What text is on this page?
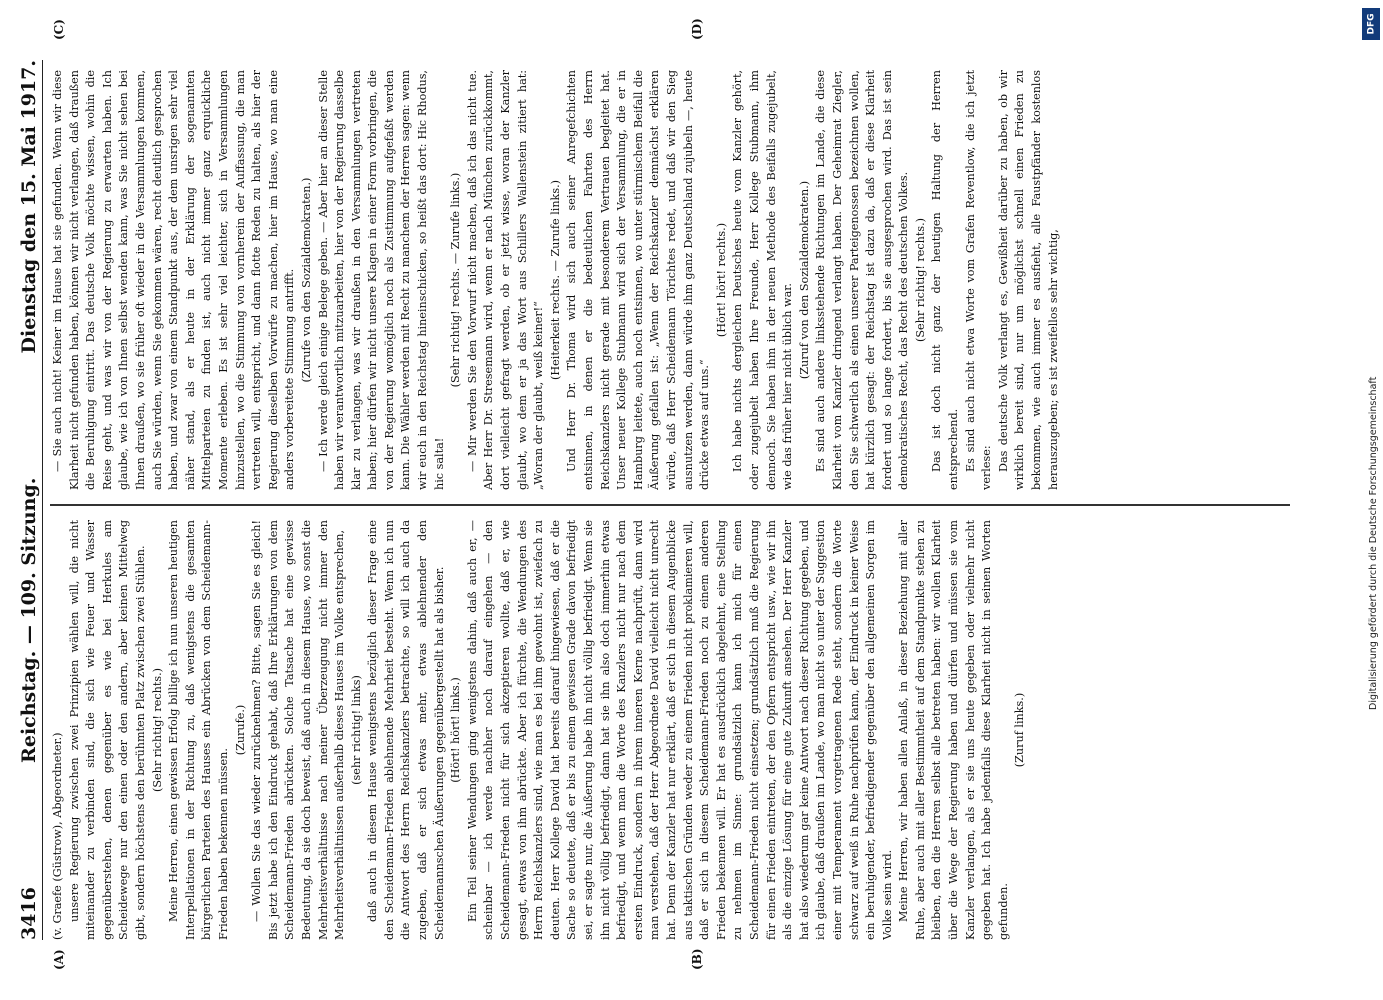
3416
Reichstag. — 109. Sitzung.
Dienstag den 15. Mai 1917.

(v. Graefe (Güstrow), Abgeordneter.) unsere Regierung zwischen zwei Prinzipien wählen will, die nicht miteinander zu verbinden sind, die sich wie Feuer und Wasser gegenüberstehen, denen gegenüber es wie bei Herkules am Scheidewege nur den einen oder den andern, aber keinen Mittelweg gibt, sondern höchstens den berühmten Platz zwischen zwei Stühlen. (Sehr richtig! rechts.) Meine Herren, einen gewissen Erfolg billige ich nun unseren heutigen Interpellationen in der Richtung zu, daß wenigstens die gesamten bürgerlichen Parteien des Hauses ein Abrücken von dem Scheidemann-Frieden haben bekennen müssen.

(Zurufe.) — Wollen Sie das wieder zurücknehmen? Bitte, sagen Sie es gleich! Bis jetzt habe ich den Eindruck gehabt, daß Ihre Erklärungen von dem Scheidemann-Frieden abrückten. Solche Tatsache hat eine gewisse Bedeutung, da sie doch beweist, daß auch in diesem Hause, wo sonst die Mehrheitsverhältnisse nach meiner Überzeugung nicht immer den Mehrheitsverhältnissen außerhalb dieses Hauses im Volke entsprechen, (sehr richtig! links) daß auch in diesem Hause wenigstens bezüglich dieser Frage eine den Scheidemann-Frieden ablehnende Mehrheit besteht. Wenn ich nun die Antwort des Herrn Reichskanzlers betrachte, so will ich auch da zugeben, daß er sich etwas mehr, etwas ablehnender den Scheidemannschen Äußerungen gegenübergestellt hat als bisher. (Hört! hört! links.) Ein Teil seiner Wendungen ging wenigstens dahin, daß auch er, — scheinbar — ich werde nachher noch darauf eingehen — den Scheidemann-Frieden nicht für sich akzeptieren wollte, daß er, wie gesagt, etwas von ihm abrückte. Aber ich fürchte, die Wendungen des Herrn Reichskanzlers sind, wie man es bei ihm gewohnt ist, zwiefach zu deuten. Herr Kollege David hat bereits darauf hingewiesen, daß er die Sache so deutete, daß er bis zu einem gewissen Grade davon befriedigt sei, er sagte nur, die Äußerung habe ihn nicht völlig befriedigt. Wenn sie ihn nicht völlig befriedigt, dann hat sie ihn also doch immerhin etwas befriedigt, und wenn man die Worte des Kanzlers nicht nur nach dem ersten Eindruck, sondern in ihrem inneren Kerne nachprüft, dann wird man verstehen, daß der Herr Abgeordnete David vielleicht nicht unrecht hat. Denn der Kanzler hat nur erklärt, daß er sich in diesem Augenblicke aus taktischen Gründen weder zu einem Frieden nicht proklamieren will, daß er sich in diesem Scheidemann-Frieden noch zu einem anderen Frieden bekennen will. Er hat es ausdrücklich abgelehnt, eine Stellung zu nehmen im Sinne: grundsätzlich kann ich mich für einen Scheidemann-Frieden nicht einsetzen; grundsätzlich muß die Regierung für einen Frieden eintreten, der den Opfern entspricht usw., wie wir ihn als die einzige Lösung für eine gute Zukunft ansehen. Der Herr Kanzler hat also wiederum gar keine Antwort nach dieser Richtung gegeben, und ich glaube, daß draußen im Lande, wo man nicht so unter der Suggestion einer mit Temperament vorgetragenen Rede steht, sondern die Worte schwarz auf weiß in Ruhe nachprüfen kann, der Eindruck in keiner Weise ein beruhigender, befriedigender gegenüber den allgemeinen Sorgen im Volke sein wird. Meine Herren, wir haben allen Anlaß, in dieser Beziehung mit aller Ruhe, aber auch mit aller Bestimmtheit auf dem Standpunkte stehen zu bleiben, den die Herren selbst alle betreten haben: wir wollen Klarheit über die Wege der Regierung haben und dürfen und müssen sie vom Kanzler verlangen, als er sie uns heute gegeben oder vielmehr nicht gegeben hat. Ich habe jedenfalls diese Klarheit nicht in seinen Worten gefunden.

(Zuruf links.)

— Sie auch nicht! Keiner im Hause hat sie gefunden. Wenn wir diese Klarheit nicht gefunden haben, können wir nicht verlangen, daß draußen die Beruhigung eintritt. Das deutsche Volk möchte wissen, wohin die Reise geht, und was wir von der Regierung zu erwarten haben. Ich glaube, wie ich von Ihnen selbst wenden kann, was Sie nicht sehen bei Ihnen draußen, wo sie früher oft wieder in die Versammlungen kommen, auch Sie würden, wenn Sie gekommen wären, recht deutlich gesprochen haben, und zwar von einem Standpunkt aus, der dem unsrigen sehr viel näher stand, als er heute in der Erklärung der sogenannten Mittelparteien zu finden ist, auch nicht immer ganz erquickliche Momente erleben. Es ist sehr viel leichter, sich in Versammlungen hinzustellen, wo die Stimmung von vornherein der Auffassung, die man vertreten will, entspricht, und dann flotte Reden zu halten, als hier der Regierung dieselben Vorwürfe zu machen, hier im Hause, wo man eine anders vorbereitete Stimmung antrifft. (Zurufe von den Sozialdemokraten.) — Ich werde gleich einige Belege geben. — Aber hier an dieser Stelle haben wir verantwortlich mitzuarbeiten, hier von der Regierung dasselbe klar zu verlangen, was wir draußen in den Versammlungen vertreten haben; hier dürfen wir nicht unsere Klagen in einer Form vorbringen, die von der Regierung womöglich noch als Zustimmung aufgefaßt werden kann. Die Wähler werden mit Recht zu manchem der Herren sagen: wenn wir euch in den Reichstag hineinschicken, so heißt das dort: Hic Rhodus, hic salta!

(Sehr richtig! rechts. — Zurufe links.) — Mir werden Sie den Vorwurf nicht machen, daß ich das nicht tue. Aber Herr Dr. Stresemann wird, wenn er nach München zurückkommt, dort vielleicht gefragt werden, ob er jetzt wisse, woran der Kanzler glaubt, wo dem er ja das Wort aus Schillers Wallenstein zitiert hat: „Woran der glaubt, weiß keiner!“

(Heiterkeit rechts. — Zurufe links.) Und Herr Dr. Thoma wird sich auch seiner Anregefchichten entsinnen, in denen er die bedeutlichen Fahrten des Herrn Reichskanzlers nicht gerade mit besonderem Vertrauen begleitet hat. Unser neuer Kollege Stubmann wird sich der Versammlung, die er in Hamburg leitete, auch noch entsinnen, wo unter stürmischem Beifall die Äußerung gefallen ist: „Wenn der Reichskanzler demnächst erklären würde, daß Herr Scheidemann Törichtes redet, und daß wir den Sieg ausnutzen werden, dann würde ihm ganz Deutschland zujubeln —, heute drücke etwas auf uns.“

(Hört! hört! rechts.) Ich habe nichts dergleichen Deutsches heute vom Kanzler gehört, oder zugejubelt haben Ihre Freunde, Herr Kollege Stubmann, ihm dennoch. Sie haben ihm in der neuen Methode des Beifalls zugejubelt, wie das früher hier nicht üblich war.

(Zuruf von den Sozialdemokraten.) Es sind auch andere linksstehende Richtungen im Lande, die diese Klarheit vom Kanzler dringend verlangt haben. Der Geheimrat Ziegler, den Sie schwerlich als einen unserer Parteigenossen bezeichnen wollen, hat kürzlich gesagt: der Reichstag ist dazu da, daß er diese Klarheit fordert und so lange fordert, bis sie ausgesprochen wird. Das ist sein demokratisches Recht, das Recht des deutschen Volkes. (Sehr richtig! rechts.) Das ist doch nicht ganz der heutigen Haltung der Herren entsprechend. Es sind auch nicht etwa Worte vom Grafen Reventlow, die ich jetzt verlese: Das deutsche Volk verlangt es, Gewißheit darüber zu haben, ob wir wirklich bereit sind, nur um möglichst schnell einen Frieden zu bekommen, wie auch immer es ausfieht, alle Faustpfänder kostenlos herauszugeben; es ist zweifellos sehr wichtig,

(A)	(B)
(C)	(D)	DFG
Digitalisierung gefördert durch die Deutsche Forschungsgemeinschaft
